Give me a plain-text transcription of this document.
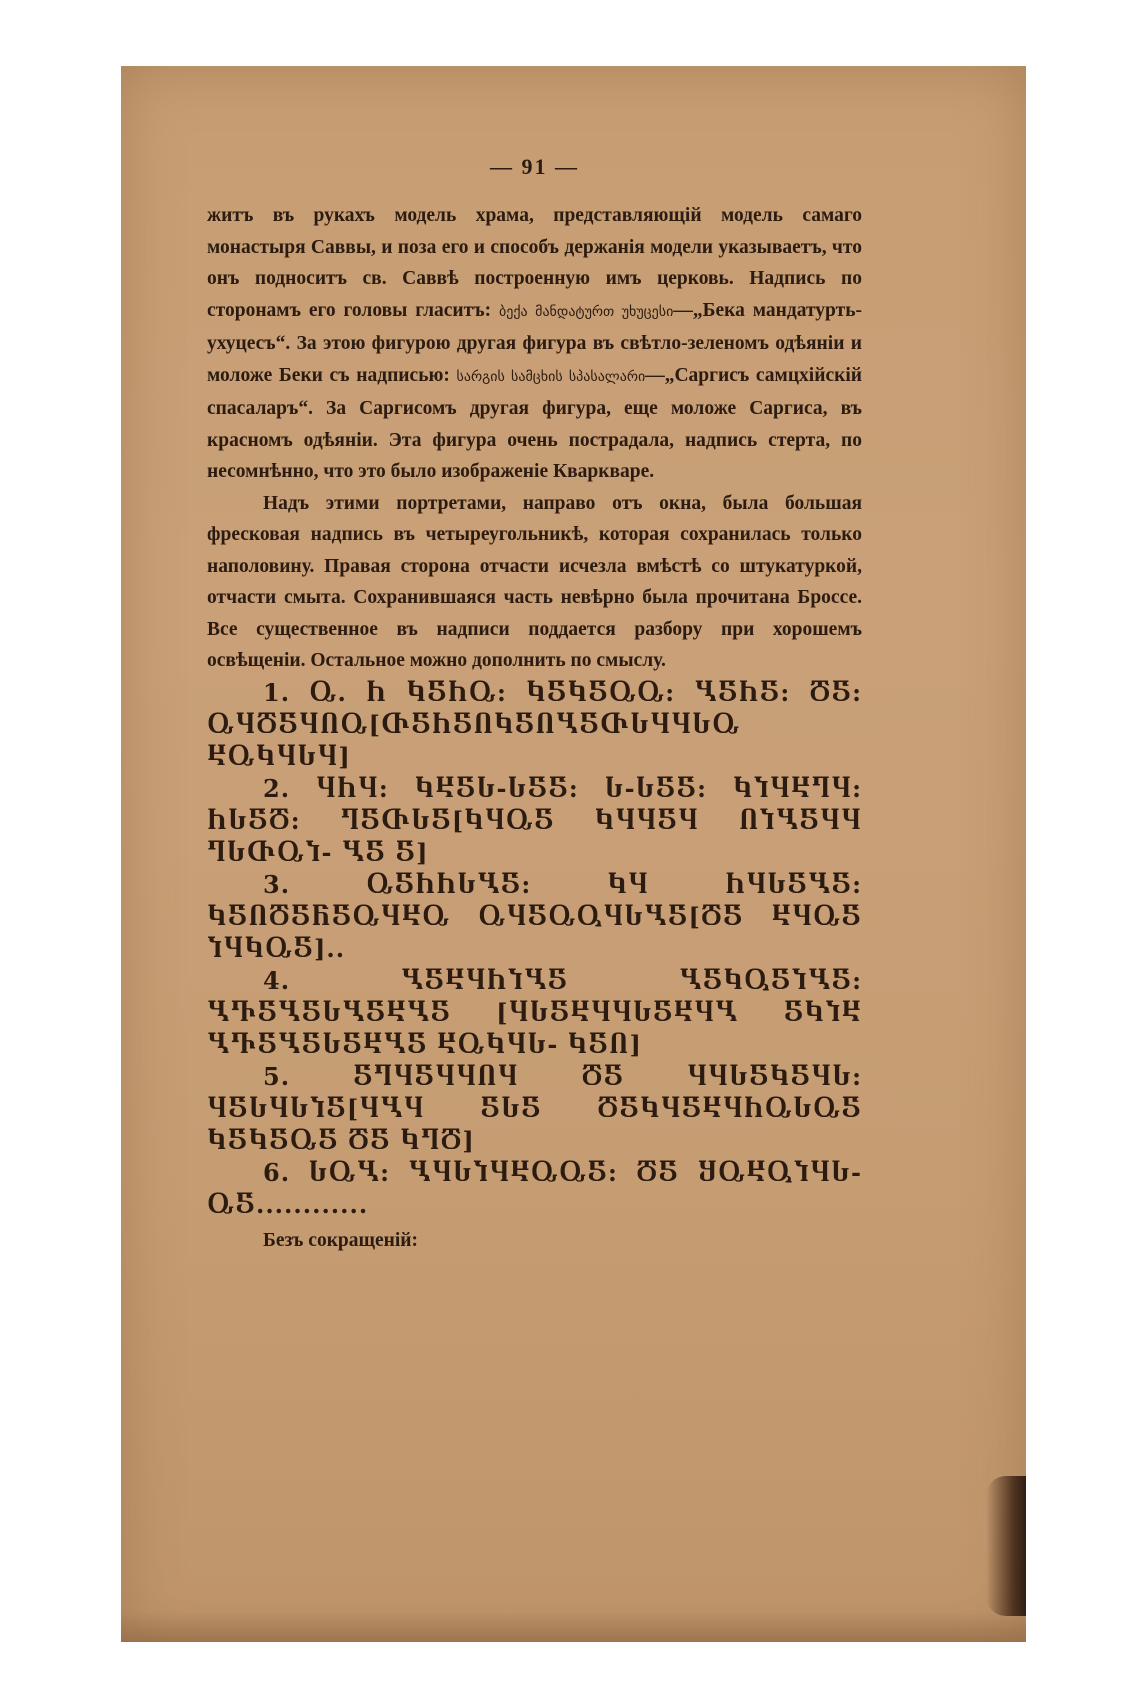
— 91 —

житъ въ рукахъ модель храма, представляющій модель самаго монастыря Саввы, и поза его и способъ держанія модели указываетъ, что онъ подноситъ св. Саввѣ построенную имъ церковь. Надпись по сторонамъ его головы гласитъ: ბექა მანდატურთ უხუცესი—„Бека мандатурть-ухуцесъ“. За этою фигурою другая фигура въ свѣтло-зеленомъ одѣяніи и моложе Беки съ надписью: სარგის სამცხის სპასალარი—„Саргисъ самцхійскій спасаларъ“. За Саргисомъ другая фигура, еще моложе Саргиса, въ красномъ одѣяніи. Эта фигура очень пострадала, надпись стерта, по несомнѣнно, что это было изображеніе Кварквaре.

Надъ этими портретами, направо отъ окна, была большая фресковая надпись въ четыреугольникѣ, которая сохранилась только наполовину. Правая сторона отчасти исчезла вмѣстѣ со штукатуркой, отчасти смыта. Сохранившаяся часть невѣрно была прочитана Броссе. Все существенное въ надписи поддается разбору при хорошемъ освѣщеніи. Остальное можно дополнить по смыслу.

1. Ⴍ. Ⴙ ႩႽႹႭ: ႩႽႩႽႭႭ: ႡႽႹႽ: ႣႽ: ႭႷႣႽႷႶႭ[ႧႽႹႽႶႩႽႶႡႽႧႱႷႷႱႭ ႾႭႩႷႱႷ]

2. ႷႹႷ: ႩႾႽႱ-ႱႽႽ: Ⴑ-ႱႽႽ: ႩႨႷႾႤႷ: ႹႱႽႣ: ႤႽႧႱႽ[ႩႷႭႽ ႩႷႷႽႷ ႶႨႡႽႷႷ ႤႱႧႭႨ- ႡႽ Ⴝ]

3. ႭႽႹႹႱႡႽ: ႩႷ ႹႷႱႽႡႽ: ႩႽႶႣႽႬႽႭႷႾႭ ႭႷႽႭႳႷႱႡႽ[ႣႽ ႾႷႭႽ ႨႷႩႭႽ]..

4. ႡႽႾႷႹႨႡႽ ႡႽႩႳႽႨႡႽ: ႡႥႽႡႽႱႡႽႾႡႽ [ႷႱႽႾႷႷႱႽႾႷႡ ႽႩႨႾ ႡႥႽႡႽႱႽႾႡႽ ႾႭႩႷႱ- ႩႽႶ]

5. ႽႤႷႽႷႷႶႷ ႣႽ ႷႷႱႽႩႽႷႱ: ႷႽႱႷႱႨႽ[ႷႡႷ ႽႱႽ ႣႽႩႷႽႾႷႹႭႱႭႽ ႩႽႩႽႭႽ ႣႽ ႩႤႣ]

6. ႱႭႡ: ႡႷႱႨႷႾႭႭႽ: ႣႽ ႸႭႾႳႨႷႱ- ႭႽ............

Безъ сокращеній:
